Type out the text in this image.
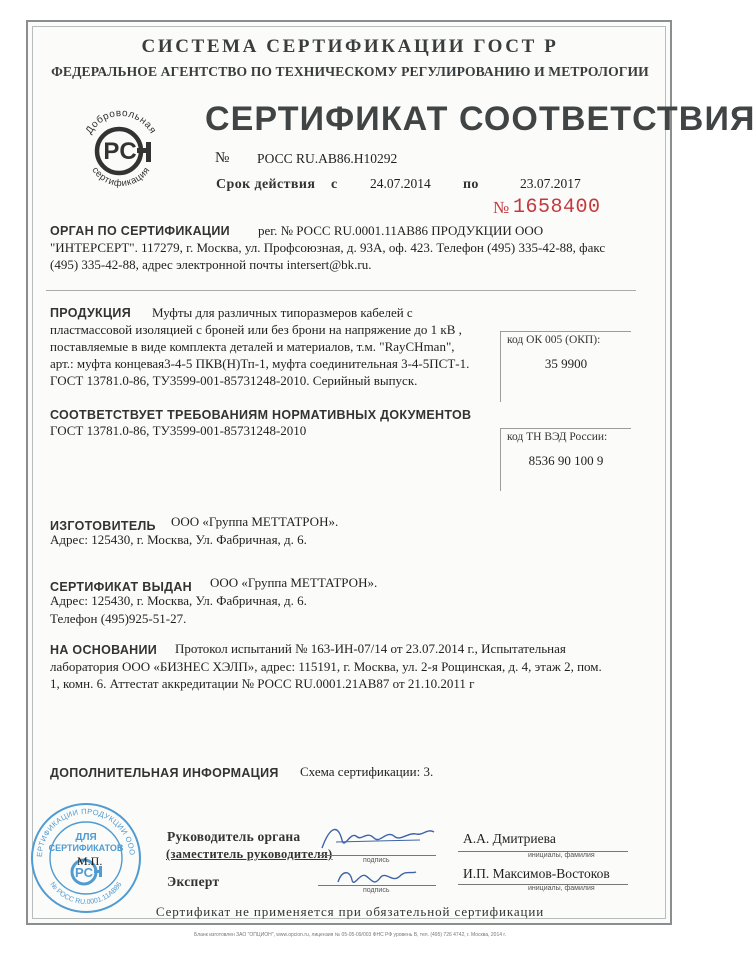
СИСТЕМА СЕРТИФИКАЦИИ ГОСТ Р
ФЕДЕРАЛЬНОЕ АГЕНТСТВО ПО ТЕХНИЧЕСКОМУ РЕГУЛИРОВАНИЮ И МЕТРОЛОГИИ
Добровольная
сертификация
PC
СЕРТИФИКАТ СООТВЕТСТВИЯ
№ РОСС RU.AB86.H10292
Срок действия с 24.07.2014 по	23.07.2017
№ 1658400
ОРГАН ПО СЕРТИФИКАЦИИ рег. № РОСС RU.0001.11AB86 ПРОДУКЦИИ ООО
"ИНТЕРСЕРТ". 117279, г. Москва, ул. Профсоюзная, д. 93А, оф. 423. Телефон (495) 335-42-88, факс
(495) 335-42-88, адрес электронной почты intersert@bk.ru.
ПРОДУКЦИЯ Муфты для различных типоразмеров кабелей с
пластмассовой изоляцией с броней или без брони на напряжение до 1 кВ ,
поставляемые в виде комплекта деталей и материалов, т.м. "RayCHman",
арт.: муфта концевая3-4-5 ПКВ(Н)Тп-1, муфта соединительная 3-4-5ПСТ-1.
ГОСТ 13781.0-86, ТУ3599-001-85731248-2010. Серийный выпуск.
код ОК 005 (ОКП):
35 9900
СООТВЕТСТВУЕТ ТРЕБОВАНИЯМ НОРМАТИВНЫХ ДОКУМЕНТОВ
ГОСТ 13781.0-86, ТУ3599-001-85731248-2010	код ТН ВЭД России:
8536 90 100 9
ИЗГОТОВИТЕЛЬ ООО «Группа МЕТТАТРОН».
Адрес: 125430, г. Москва, Ул. Фабричная, д. 6.
СЕРТИФИКАТ ВЫДАН ООО «Группа МЕТТАТРОН».
Адрес: 125430, г. Москва, Ул. Фабричная, д. 6.
Телефон (495)925-51-27.
НА ОСНОВАНИИ Протокол испытаний № 163-ИН-07/14 от 23.07.2014 г., Испытательная
лаборатория ООО «БИЗНЕС ХЭЛП», адрес: 115191, г. Москва, ул. 2-я Рощинская, д. 4, этаж 2, пом.
1, комн. 6. Аттестат аккредитации № РОСС RU.0001.21AB87 от 21.10.2011 г
ДОПОЛНИТЕЛЬНАЯ ИНФОРМАЦИЯ Схема сертификации: 3.
ЕРТИФИКАЦИИ ПРОДУКЦИИ ООО
№ РОСС RU.0001.11AB86
ДЛЯ
СЕРТИФИКАТОВ
PC
М.П.
Руководитель органа
(заместитель руководителя)	подпись
А.А. Дмитриева
инициалы, фамилия
Эксперт
подпись
И.П. Максимов-Востоков
инициалы, фамилия
Сертификат не применяется при обязательной сертификации
Бланк изготовлен ЗАО "ОПЦИОН", www.opcion.ru, лицензия № 05-05-09/003 ФНС РФ уровень В, тел. (495) 726 4742, г. Москва, 2014 г.
